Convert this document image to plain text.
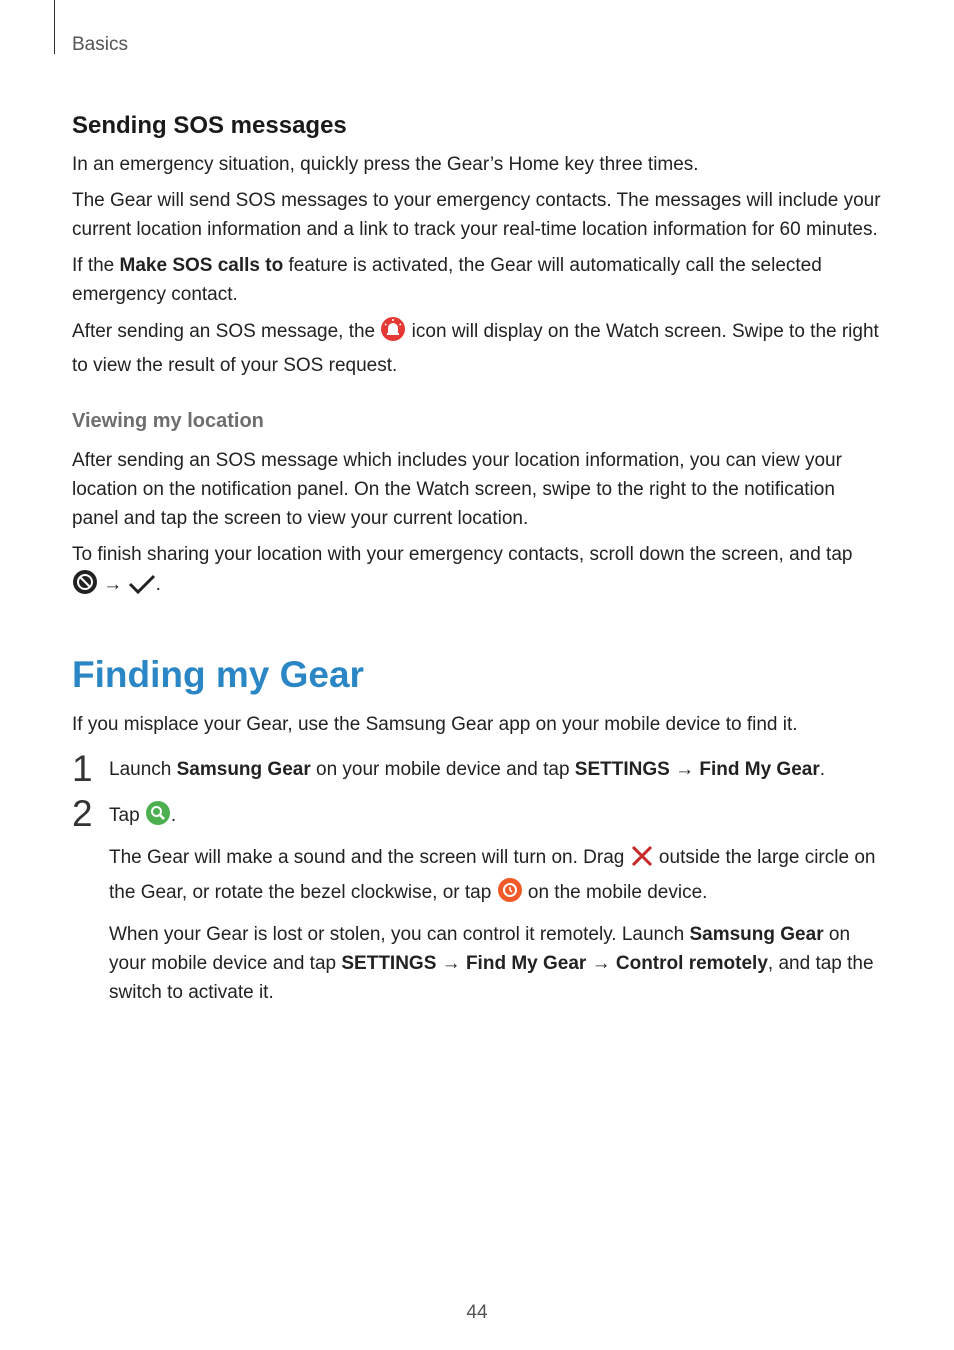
Basics
Sending SOS messages

In an emergency situation, quickly press the Gear’s Home key three times.

The Gear will send SOS messages to your emergency contacts. The messages will include your current location information and a link to track your real-time location information for 60 minutes.

If the Make SOS calls to feature is activated, the Gear will automatically call the selected emergency contact.

After sending an SOS message, the  icon will display on the Watch screen. Swipe to the right to view the result of your SOS request.

Viewing my location

After sending an SOS message which includes your location information, you can view your location on the notification panel. On the Watch screen, swipe to the right to the notification panel and tap the screen to view your current location.

To finish sharing your location with your emergency contacts, scroll down the screen, and tap
→ .

Finding my Gear

If you misplace your Gear, use the Samsung Gear app on your mobile device to find it.

1 Launch Samsung Gear on your mobile device and tap SETTINGS → Find My Gear.

2 Tap .

The Gear will make a sound and the screen will turn on. Drag  outside the large circle on the Gear, or rotate the bezel clockwise, or tap  on the mobile device.

When your Gear is lost or stolen, you can control it remotely. Launch Samsung Gear on your mobile device and tap SETTINGS → Find My Gear → Control remotely, and tap the switch to activate it.

44
